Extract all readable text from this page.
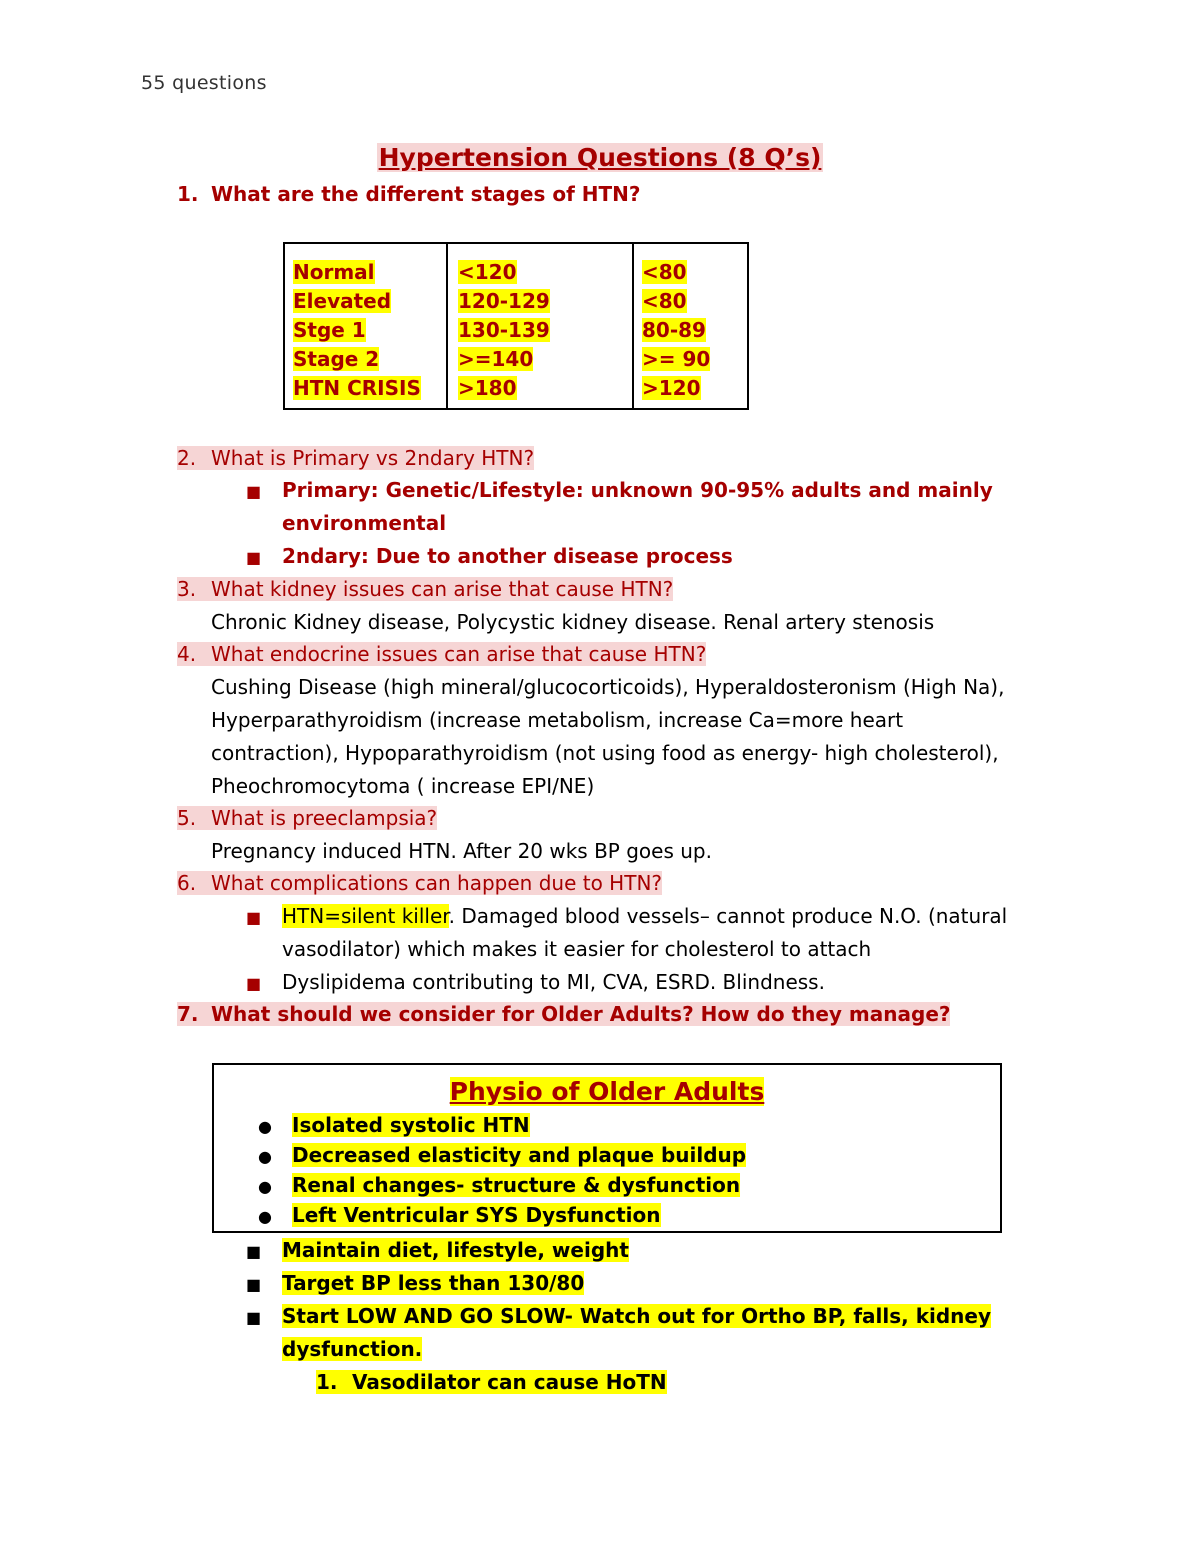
55 questions
Hypertension Questions (8 Q’s)
1. What are the different stages of HTN?
Normal
Elevated
Stge 1
Stage 2
HTN CRISIS
<120
120-129
130-139
>=140
>180
<80
<80
80-89
>= 90
>120
2. What is Primary vs 2ndary HTN?
■ Primary: Genetic/Lifestyle: unknown 90-95% adults and mainly
environmental
■ 2ndary: Due to another disease process
3. What kidney issues can arise that cause HTN?
Chronic Kidney disease, Polycystic kidney disease. Renal artery stenosis
4. What endocrine issues can arise that cause HTN?
Cushing Disease (high mineral/glucocorticoids), Hyperaldosteronism (High Na),
Hyperparathyroidism (increase metabolism, increase Ca=more heart
contraction), Hypoparathyroidism (not using food as energy- high cholesterol),
Pheochromocytoma ( increase EPI/NE)
5. What is preeclampsia?
Pregnancy induced HTN. After 20 wks BP goes up.
6. What complications can happen due to HTN?
■ HTN=silent killer. Damaged blood vessels– cannot produce N.O. (natural
vasodilator) which makes it easier for cholesterol to attach
■ Dyslipidema contributing to MI, CVA, ESRD. Blindness.
7. What should we consider for Older Adults? How do they manage?
Physio of Older Adults
● Isolated systolic HTN
● Decreased elasticity and plaque buildup
● Renal changes- structure & dysfunction
● Left Ventricular SYS Dysfunction
■ Maintain diet, lifestyle, weight
■ Target BP less than 130/80
■ Start LOW AND GO SLOW- Watch out for Ortho BP, falls, kidney
dysfunction.
1. Vasodilator can cause HoTN
